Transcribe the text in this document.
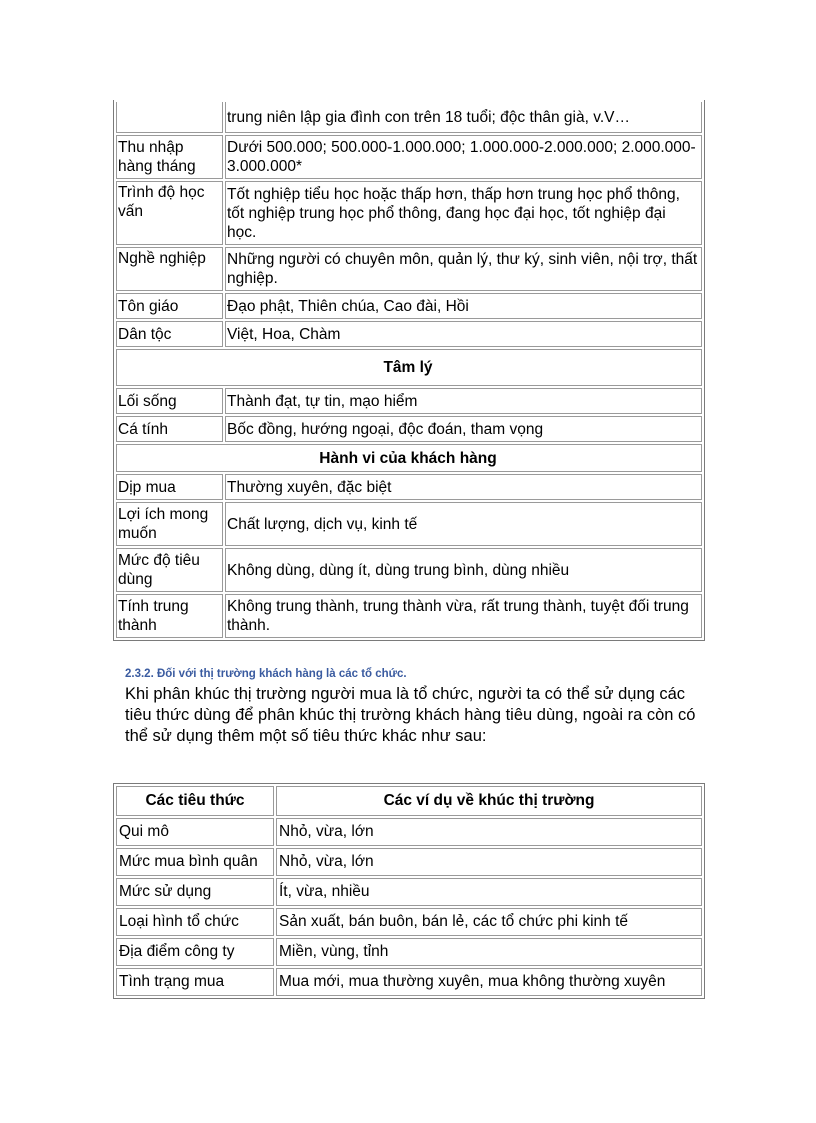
	trung niên lập gia đình con trên 18 tuổi; độc thân già, v.V…
Thu nhập hàng tháng	Dưới 500.000; 500.000-1.000.000; 1.000.000-2.000.000; 2.000.000-3.000.000*
Trình độ học vấn	Tốt nghiệp tiểu học hoặc thấp hơn, thấp hơn trung học phổ thông, tốt nghiệp trung học phổ thông, đang học đại học, tốt nghiệp đại học.
Nghề nghiệp	Những người có chuyên môn, quản lý, thư ký, sinh viên, nội trợ, thất nghiệp.
Tôn giáo	Đạo phật, Thiên chúa, Cao đài, Hồi
Dân tộc	Việt, Hoa, Chàm
Tâm lý	
Lối sống	Thành đạt, tự tin, mạo hiểm
Cá tính	Bốc đồng, hướng ngoại, độc đoán, tham vọng
Hành vi của khách hàng	
Dịp mua	Thường xuyên, đặc biệt
Lợi ích mong muốn	Chất lượng, dịch vụ, kinh tế
Mức độ tiêu dùng	Không dùng, dùng ít, dùng trung bình, dùng nhiều
Tính trung thành	Không trung thành, trung thành vừa, rất trung thành, tuyệt đối trung thành.
2.3.2. Đối với thị trường khách hàng là các tổ chức.

Khi phân khúc thị trường người mua là tổ chức, người ta có thể sử dụng các tiêu thức dùng để phân khúc thị trường khách hàng tiêu dùng, ngoài ra còn có thể sử dụng thêm một số tiêu thức khác như sau:

Các tiêu thức	Các ví dụ về khúc thị trường
Qui mô	Nhỏ, vừa, lớn
Mức mua bình quân	Nhỏ, vừa, lớn
Mức sử dụng	Ít, vừa, nhiều
Loại hình tổ chức	Sản xuất, bán buôn, bán lẻ, các tổ chức phi kinh tế
Địa điểm công ty	Miền, vùng, tỉnh
Tình trạng mua	Mua mới, mua thường xuyên, mua không thường xuyên
